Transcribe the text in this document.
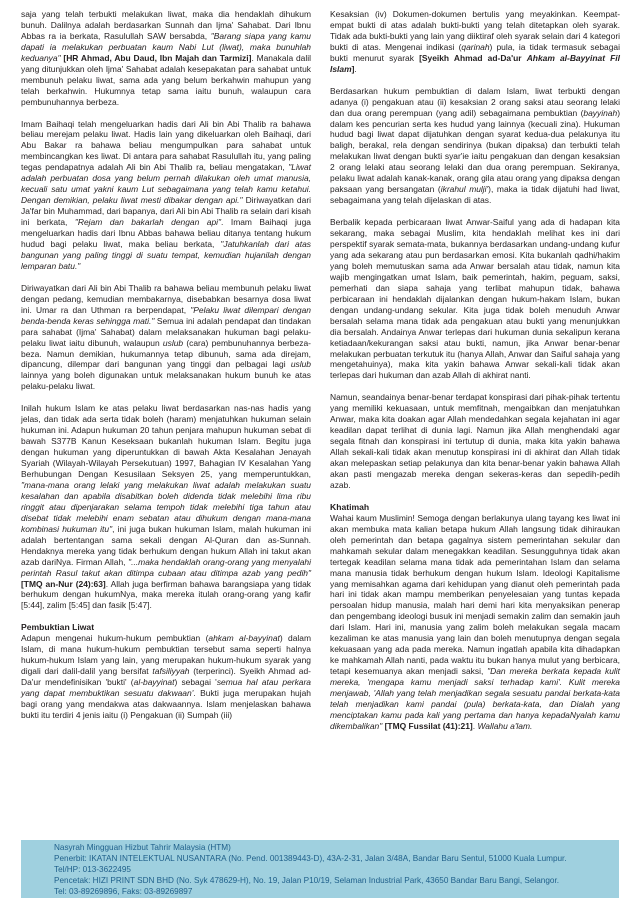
saja yang telah terbukti melakukan liwat, maka dia hendaklah dihukum bunuh. Dalilnya adalah berdasarkan Sunnah dan Ijma' Sahabat. Dari Ibnu Abbas ra ia berkata, Rasulullah SAW bersabda, "Barang siapa yang kamu dapati ia melakukan perbuatan kaum Nabi Lut (liwat), maka bunuhlah keduanya" [HR Ahmad, Abu Daud, Ibn Majah dan Tarmizi]. Manakala dalil yang ditunjukkan oleh Ijma' Sahabat adalah kesepakatan para sahabat untuk membunuh pelaku liwat, sama ada yang belum berkahwin mahupun yang telah berkahwin. Hukumnya tetap sama iaitu bunuh, walaupun cara pembunuhannya berbeza.

Imam Baihaqi telah mengeluarkan hadis dari Ali bin Abi Thalib ra bahawa beliau merejam pelaku liwat. Hadis lain yang dikeluarkan oleh Baihaqi, dari Abu Bakar ra bahawa beliau mengumpulkan para sahabat untuk membincangkan kes liwat. Di antara para sahabat Rasulullah itu, yang paling tegas pendapatnya adalah Ali bin Abi Thalib ra, beliau mengatakan, "Liwat adalah perbuatan dosa yang belum pernah dilakukan oleh umat manusia, kecuali satu umat yakni kaum Lut sebagaimana yang telah kamu ketahui. Dengan demikian, pelaku liwat mesti dibakar dengan api." Diriwayatkan dari Ja'far bin Muhammad, dari bapanya, dari Ali bin Abi Thalib ra selain dari kisah ini berkata, "Rejam dan bakarlah dengan api". Imam Baihaqi juga mengeluarkan hadis dari Ibnu Abbas bahawa beliau ditanya tentang hukum hudud bagi pelaku liwat, maka beliau berkata, "Jatuhkanlah dari atas bangunan yang paling tinggi di suatu tempat, kemudian hujanilah dengan lemparan batu."

Diriwayatkan dari Ali bin Abi Thalib ra bahawa beliau membunuh pelaku liwat dengan pedang, kemudian membakarnya, disebabkan besarnya dosa liwat ini. Umar ra dan Uthman ra berpendapat, "Pelaku liwat dilempari dengan benda-benda keras sehingga mati." Semua ini adalah pendapat dan tindakan para sahabat (Ijma' Sahabat) dalam melaksanakan hukuman bagi pelaku-pelaku liwat iaitu dibunuh, walaupun uslub (cara) pembunuhannya berbeza-beza. Namun demikian, hukumannya tetap dibunuh, sama ada direjam, dipancung, dilempar dari bangunan yang tinggi dan pelbagai lagi uslub lainnya yang boleh digunakan untuk melaksanakan hukum bunuh ke atas pelaku-pelaku liwat.

Inilah hukum Islam ke atas pelaku liwat berdasarkan nas-nas hadis yang jelas, dan tidak ada serta tidak boleh (haram) menjatuhkan hukuman selain hukuman ini. Adapun hukuman 20 tahun penjara mahupun hukuman sebat di bawah S377B Kanun Keseksaan bukanlah hukuman Islam. Begitu juga dengan hukuman yang diperuntukkan di bawah Akta Kesalahan Jenayah Syariah (Wilayah-Wilayah Persekutuan) 1997, Bahagian IV Kesalahan Yang Berhubungan Dengan Kesusilaan Seksyen 25, yang memperuntukkan, "mana-mana orang lelaki yang melakukan liwat adalah melakukan suatu kesalahan dan apabila disabitkan boleh didenda tidak melebihi lima ribu ringgit atau dipenjarakan selama tempoh tidak melebihi tiga tahun atau disebat tidak melebihi enam sebatan atau dihukum dengan mana-mana kombinasi hukuman itu", ini juga bukan hukuman Islam, malah hukuman ini adalah bertentangan sama sekali dengan Al-Quran dan as-Sunnah. Hendaknya mereka yang tidak berhukum dengan hukum Allah ini takut akan azab dariNya. Firman Allah, "...maka hendaklah orang-orang yang menyalahi perintah Rasul takut akan ditimpa cubaan atau ditimpa azab yang pedih" [TMQ an-Nur (24):63]. Allah juga berfirman bahawa barangsiapa yang tidak berhukum dengan hukumNya, maka mereka itulah orang-orang yang kafir [5:44], zalim [5:45] dan fasik [5:47].

Pembuktian Liwat

Adapun mengenai hukum-hukum pembuktian (ahkam al-bayyinat) dalam Islam, di mana hukum-hukum pembuktian tersebut sama seperti halnya hukum-hukum Islam yang lain, yang merupakan hukum-hukum syarak yang digali dari dalil-dalil yang bersifat tafsiliyyah (terperinci). Syeikh Ahmad ad-Da'ur mendefinisikan 'bukti' (al-bayyinat) sebagai 'semua hal atau perkara yang dapat membuktikan sesuatu dakwaan'. Bukti juga merupakan hujah bagi orang yang mendakwa atas dakwaannya. Islam menjelaskan bahawa bukti itu terdiri 4 jenis iaitu (i) Pengakuan (ii) Sumpah (iii)

Kesaksian (iv) Dokumen-dokumen bertulis yang meyakinkan. Keempat-empat bukti di atas adalah bukti-bukti yang telah ditetapkan oleh syarak. Tidak ada bukti-bukti yang lain yang diiktiraf oleh syarak selain dari 4 kategori bukti di atas. Mengenai indikasi (qarinah) pula, ia tidak termasuk sebagai bukti menurut syarak [Syeikh Ahmad ad-Da'ur Ahkam al-Bayyinat Fil Islam].

Berdasarkan hukum pembuktian di dalam Islam, liwat terbukti dengan adanya (i) pengakuan atau (ii) kesaksian 2 orang saksi atau seorang lelaki dan dua orang perempuan (yang adil) sebagaimana pembuktian (bayyinah) dalam kes pencurian serta kes hudud yang lainnya (kecuali zina). Hukuman hudud bagi liwat dapat dijatuhkan dengan syarat kedua-dua pelakunya itu baligh, berakal, rela dengan sendirinya (bukan dipaksa) dan terbukti telah melakukan liwat dengan bukti syar'ie iaitu pengakuan dan dengan kesaksian 2 orang lelaki atau seorang lelaki dan dua orang perempuan. Sekiranya, pelaku liwat adalah kanak-kanak, orang gila atau orang yang dipaksa dengan paksaan yang bersangatan (ikrahul mulji'), maka ia tidak dijatuhi had liwat, sebagaimana yang telah dijelaskan di atas.

Berbalik kepada perbicaraan liwat Anwar-Saiful yang ada di hadapan kita sekarang, maka sebagai Muslim, kita hendaklah melihat kes ini dari perspektif syarak semata-mata, bukannya berdasarkan undang-undang kufur yang ada sekarang atau pun berdasarkan emosi. Kita bukanlah qadhi/hakim yang boleh memutuskan sama ada Anwar bersalah atau tidak, namun kita wajib mengingatkan umat Islam, baik pemerintah, hakim, peguam, saksi, pemerhati dan siapa sahaja yang terlibat mahupun tidak, bahawa perbicaraan ini hendaklah dijalankan dengan hukum-hakam Islam, bukan dengan undang-undang sekular. Kita juga tidak boleh menuduh Anwar bersalah selama mana tidak ada pengakuan atau bukti yang menunjukkan dia bersalah. Andainya Anwar terlepas dari hukuman dunia sekalipun kerana ketiadaan/kekurangan saksi atau bukti, namun, jika Anwar benar-benar melakukan perbuatan terkutuk itu (hanya Allah, Anwar dan Saiful sahaja yang mengetahuinya), maka kita yakin bahawa Anwar sekali-kali tidak akan terlepas dari hukuman dan azab Allah di akhirat nanti.

Namun, seandainya benar-benar terdapat konspirasi dari pihak-pihak tertentu yang memiliki kekuasaan, untuk memfitnah, mengaibkan dan menjatuhkan Anwar, maka kita doakan agar Allah mendedahkan segala kejahatan ini agar keadilan dapat terlihat di dunia lagi. Namun jika Allah menghendaki agar segala fitnah dan konspirasi ini tertutup di dunia, maka kita yakin bahawa Allah sekali-kali tidak akan menutup konspirasi ini di akhirat dan Allah tidak akan melepaskan setiap pelakunya dan kita benar-benar yakin bahawa Allah akan pasti mengazab mereka dengan sekeras-keras dan sepedih-pedih azab.

Khatimah

Wahai kaum Muslimin! Semoga dengan berlakunya ulang tayang kes liwat ini akan membuka mata kalian betapa hukum Allah langsung tidak dihiraukan oleh pemerintah dan betapa gagalnya sistem pemerintahan sekular dan mahkamah sekular dalam menegakkan keadilan. Sesungguhnya tidak akan tertegak keadilan selama mana tidak ada pemerintahan Islam dan selama mana manusia tidak berhukum dengan hukum Islam. Ideologi Kapitalisme yang memisahkan agama dari kehidupan yang dianut oleh pemerintah pada hari ini tidak akan mampu memberikan penyelesaian yang tuntas kepada persoalan hidup manusia, malah hari demi hari kita menyaksikan penerap dan pengembang ideologi busuk ini menjadi semakin zalim dan semakin jauh dari Islam. Hari ini, manusia yang zalim boleh melakukan segala macam kezaliman ke atas manusia yang lain dan boleh menutupnya dengan segala kekuasaan yang ada pada mereka. Namun ingatlah apabila kita dihadapkan ke mahkamah Allah nanti, pada waktu itu bukan hanya mulut yang berbicara, tetapi kesemuanya akan menjadi saksi, "Dan mereka berkata kepada kulit mereka, 'mengapa kamu menjadi saksi terhadap kami'. Kulit mereka menjawab, 'Allah yang telah menjadikan segala sesuatu pandai berkata-kata telah menjadikan kami pandai (pula) berkata-kata, dan Dialah yang menciptakan kamu pada kali yang pertama dan hanya kepadaNyalah kamu dikembalikan" [TMQ Fussilat (41):21]. Wallahu a'lam.

Nasyrah Mingguan Hizbut Tahrir Malaysia (HTM)
Penerbit: IKATAN INTELEKTUAL NUSANTARA (No. Pend. 001389443-D), 43A-2-31, Jalan 3/48A, Bandar Baru Sentul, 51000 Kuala Lumpur.
Tel/HP: 013-3622495
Pencetak: HIZI PRINT SDN BHD (No. Syk 478629-H), No. 19, Jalan P10/19, Selaman Industrial Park, 43650 Bandar Baru Bangi, Selangor.
Tel: 03-89269896, Faks: 03-89269897
